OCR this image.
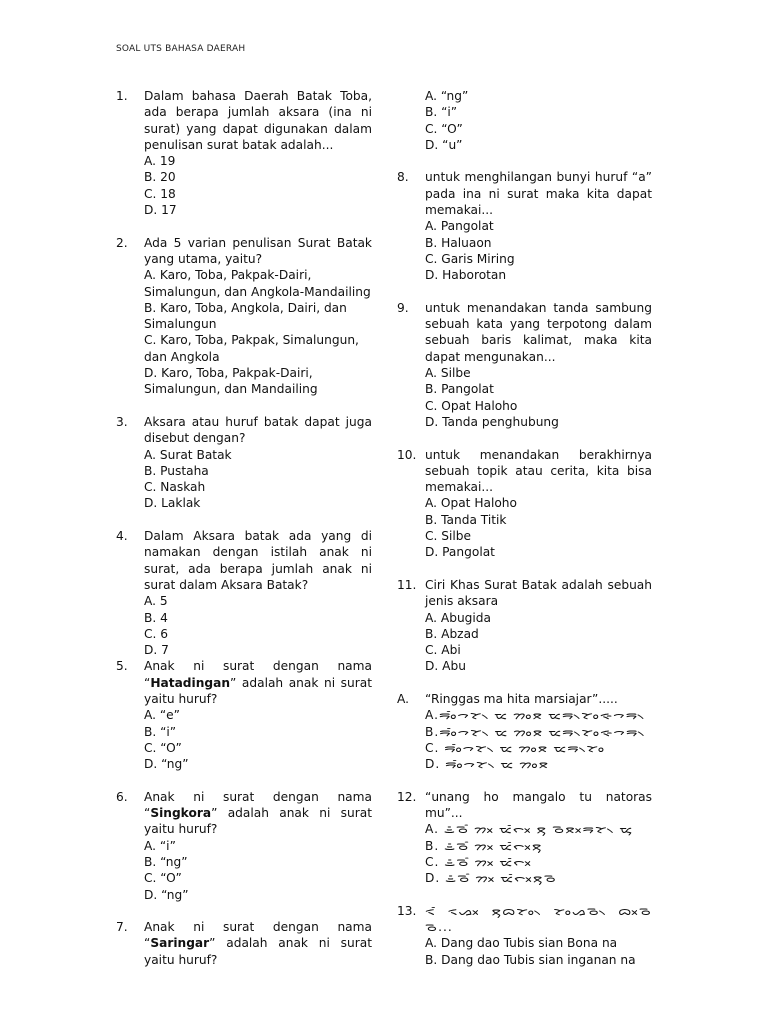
SOAL UTS BAHASA DAERAH
1. Dalam bahasa Daerah Batak Toba, ada berapa jumlah aksara (ina ni surat) yang dapat digunakan dalam penulisan surat batak adalah...
A. 19
B. 20
C. 18
D. 17
2. Ada 5 varian penulisan Surat Batak yang utama, yaitu?
A. Karo, Toba, Pakpak-Dairi, Simalungun, dan Angkola-Mandailing
B. Karo, Toba, Angkola, Dairi, dan Simalungun
C. Karo, Toba, Pakpak, Simalungun, dan Angkola
D. Karo, Toba, Pakpak-Dairi, Simalungun, dan Mandailing
3. Aksara atau huruf batak dapat juga disebut dengan?
A. Surat Batak
B. Pustaha
C. Naskah
D. Laklak
4. Dalam Aksara batak ada yang di namakan dengan istilah anak ni surat, ada berapa jumlah anak ni surat dalam Aksara Batak?
A. 5
B. 4
C. 6
D. 7
5. Anak ni surat dengan nama “Hatadingan” adalah anak ni surat yaitu huruf?
A. “e”
B. “i”
C. “O”
D. “ng”
6. Anak ni surat dengan nama “Singkora” adalah anak ni surat yaitu huruf?
A. “i”
B. “ng”
C. “O”
D. “ng”
7. Anak ni surat dengan nama “Saringar” adalah anak ni surat yaitu huruf?
A. “ng”
B. “i”
C. “O”
D. “u”
8. untuk menghilangan bunyi huruf “a” pada ina ni surat maka kita dapat memakai...
A. Pangolat
B. Haluaon
C. Garis Miring
D. Haborotan
9. untuk menandakan tanda sambung sebuah kata yang terpotong dalam sebuah baris kalimat, maka kita dapat mengunakan...
A. Silbe
B. Pangolat
C. Opat Haloho
D. Tanda penghubung
10. untuk menandakan berakhirnya sebuah topik atau cerita, kita bisa memakai...
A. Opat Haloho
B. Tanda Titik
C. Silbe
D. Pangolat
11. Ciri Khas Surat Batak adalah sebuah jenis aksara
A. Abugida
B. Abzad
C. Abi
D. Abu
A. “Ringgas ma hita marsiajar”.....
A.ᯒᯪᯰᯎᯘ᯲ ᯔ ᯂᯪᯖ ᯔᯒ᯲ᯘᯪᯐᯎᯒ᯲
B.ᯒᯪᯰᯎᯘ᯲ ᯔ ᯂᯪᯖ ᯔᯒ᯲ᯘᯪᯐᯎᯒ᯲
C. ᯒᯪᯰᯎᯘ᯲ ᯔ ᯂᯪᯖ ᯔᯒ᯲ᯘᯪ
D. ᯒᯪᯰᯎᯘ᯲ ᯔ ᯂᯪᯖ
12. “unang ho mangalo tu natoras mu”...
A. ᯥᯉᯰ ᯂᯬ ᯔᯰᯞᯬ ᯖᯮ ᯉᯖᯬᯒᯘ᯲ ᯔᯮ
B. ᯥᯉᯰ ᯂᯬ ᯔᯰᯞᯬᯖᯮ
C. ᯥᯉᯰ ᯂᯬ ᯔᯰᯞᯬ
D. ᯥᯉᯰ ᯂᯬ ᯔᯰᯞᯬᯖᯮᯉ
13. ᯑᯰ ᯑᯀᯬ ᯖᯮᯅᯪᯘ᯲ ᯘᯪᯀᯉ᯲ ᯅᯬᯉ ᯉ...
A. Dang dao Tubis sian Bona na
B. Dang dao Tubis sian inganan na
